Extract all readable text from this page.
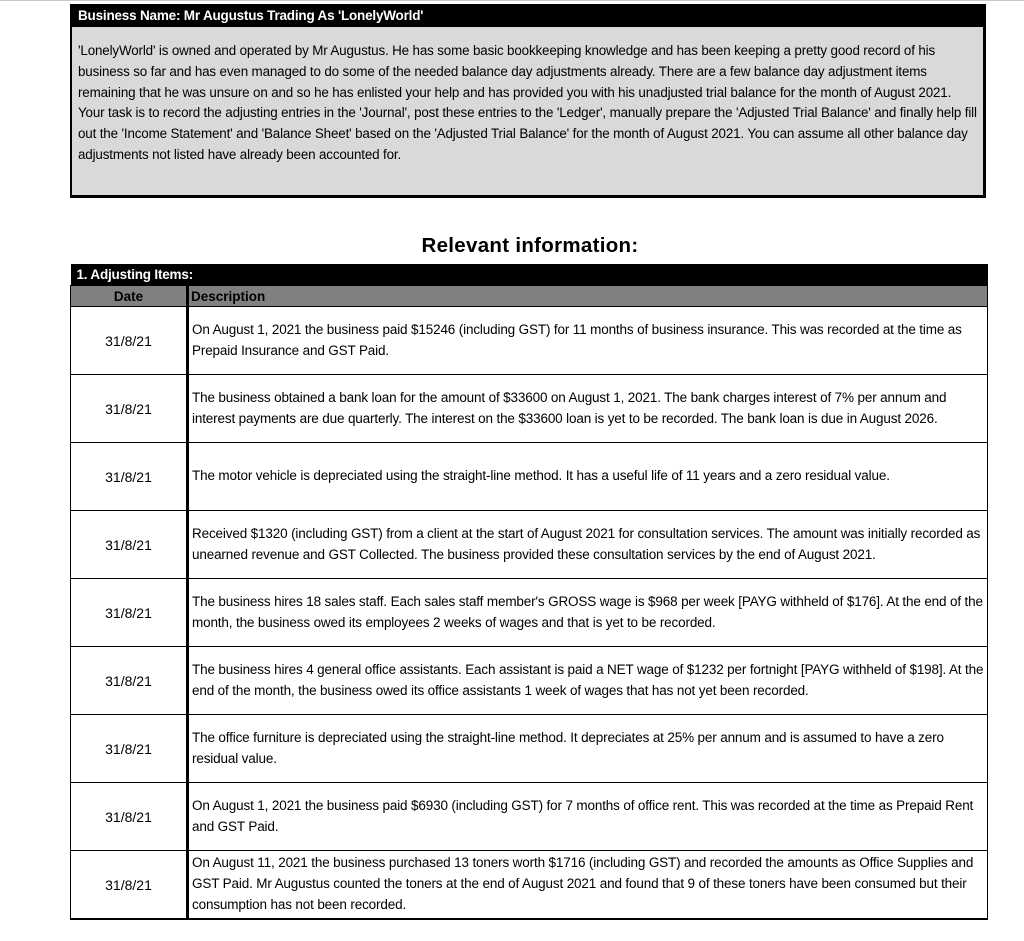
Business Name: Mr Augustus Trading As 'LonelyWorld'
'LonelyWorld' is owned and operated by Mr Augustus. He has some basic bookkeeping knowledge and has been keeping a pretty good record of his business so far and has even managed to do some of the needed balance day adjustments already. There are a few balance day adjustment items remaining that he was unsure on and so he has enlisted your help and has provided you with his unadjusted trial balance for the month of August 2021. Your task is to record the adjusting entries in the 'Journal', post these entries to the 'Ledger', manually prepare the 'Adjusted Trial Balance' and finally help fill out the 'Income Statement' and 'Balance Sheet' based on the 'Adjusted Trial Balance' for the month of August 2021. You can assume all other balance day adjustments not listed have already been accounted for.
Relevant information:
1. Adjusting Items:	
Date	Description
31/8/21	On August 1, 2021 the business paid $15246 (including GST) for 11 months of business insurance. This was recorded at the time as Prepaid Insurance and GST Paid.
31/8/21	The business obtained a bank loan for the amount of $33600 on August 1, 2021. The bank charges interest of 7% per annum and interest payments are due quarterly. The interest on the $33600 loan is yet to be recorded. The bank loan is due in August 2026.
31/8/21	The motor vehicle is depreciated using the straight-line method. It has a useful life of 11 years and a zero residual value.
31/8/21	Received $1320 (including GST) from a client at the start of August 2021 for consultation services. The amount was initially recorded as unearned revenue and GST Collected. The business provided these consultation services by the end of August 2021.
31/8/21	The business hires 18 sales staff. Each sales staff member's GROSS wage is $968 per week [PAYG withheld of $176]. At the end of the month, the business owed its employees 2 weeks of wages and that is yet to be recorded.
31/8/21	The business hires 4 general office assistants. Each assistant is paid a NET wage of $1232 per fortnight [PAYG withheld of $198]. At the end of the month, the business owed its office assistants 1 week of wages that has not yet been recorded.
31/8/21	The office furniture is depreciated using the straight-line method. It depreciates at 25% per annum and is assumed to have a zero residual value.
31/8/21	On August 1, 2021 the business paid $6930 (including GST) for 7 months of office rent. This was recorded at the time as Prepaid Rent and GST Paid.
31/8/21	On August 11, 2021 the business purchased 13 toners worth $1716 (including GST) and recorded the amounts as Office Supplies and GST Paid. Mr Augustus counted the toners at the end of August 2021 and found that 9 of these toners have been consumed but their consumption has not been recorded.
